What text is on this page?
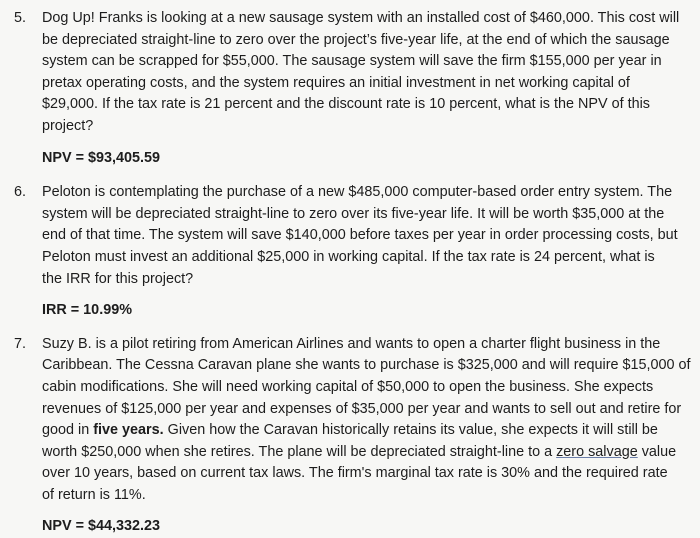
5.	Dog Up! Franks is looking at a new sausage system with an installed cost of $460,000. This cost will

be depreciated straight-line to zero over the project’s five-year life, at the end of which the sausage

system can be scrapped for $55,000. The sausage system will save the firm $155,000 per year in

pretax operating costs, and the system requires an initial investment in net working capital of

$29,000. If the tax rate is 21 percent and the discount rate is 10 percent, what is the NPV of this

project?

NPV = $93,405.59

6.	Peloton is contemplating the purchase of a new $485,000 computer-based order entry system. The

system will be depreciated straight-line to zero over its five-year life. It will be worth $35,000 at the

end of that time. The system will save $140,000 before taxes per year in order processing costs, but

Peloton must invest an additional $25,000 in working capital. If the tax rate is 24 percent, what is

the IRR for this project?

IRR = 10.99%

7.	Suzy B. is a pilot retiring from American Airlines and wants to open a charter flight business in the

Caribbean. The Cessna Caravan plane she wants to purchase is $325,000 and will require $15,000 of

cabin modifications. She will need working capital of $50,000 to open the business. She expects

revenues of $125,000 per year and expenses of $35,000 per year and wants to sell out and retire for

good in five years. Given how the Caravan historically retains its value, she expects it will still be

worth $250,000 when she retires. The plane will be depreciated straight-line to a zero salvage value

over 10 years, based on current tax laws. The firm's marginal tax rate is 30% and the required rate

of return is 11%.

NPV = $44,332.23
